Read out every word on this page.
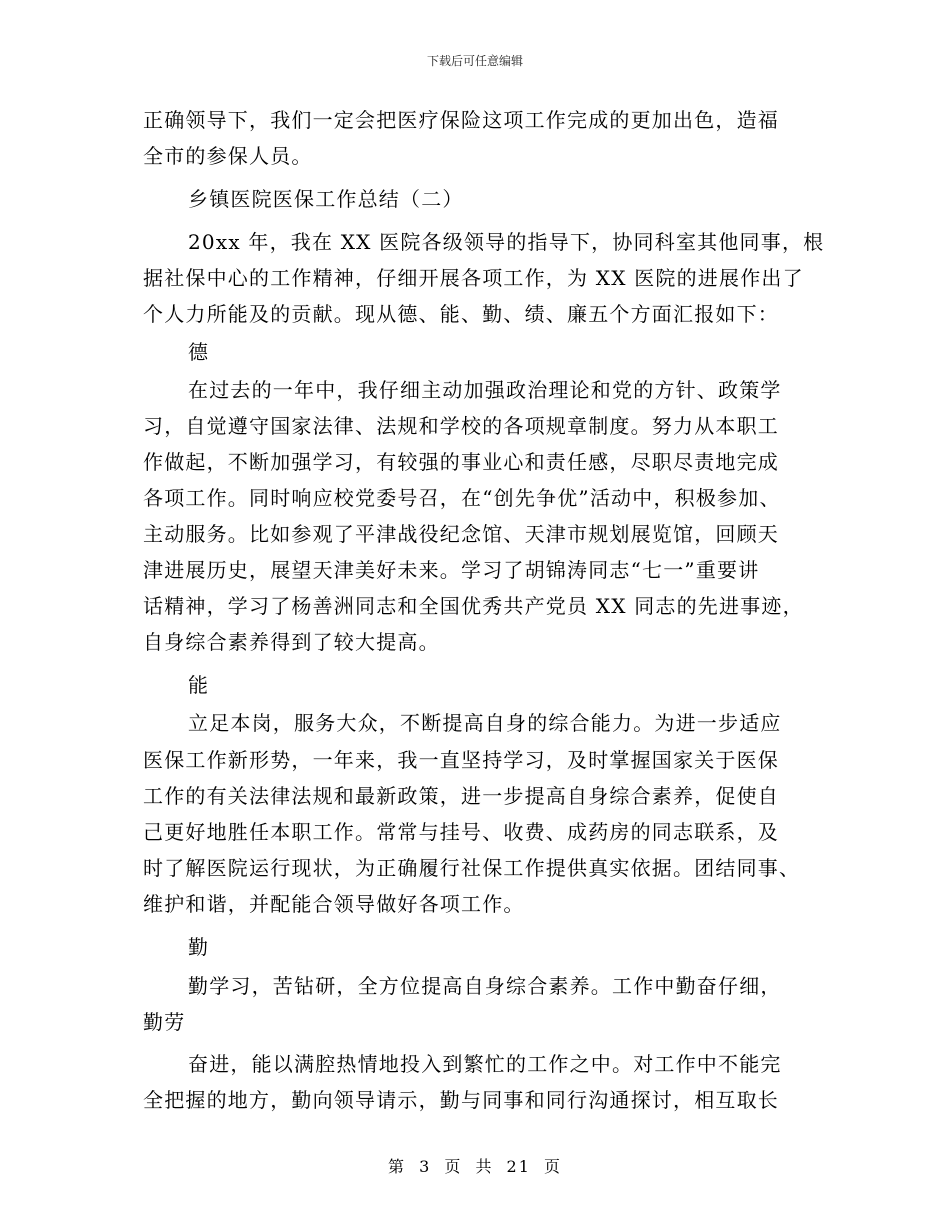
下载后可任意编辑
正确领导下，我们一定会把医疗保险这项工作完成的更加出色，造福
全市的参保人员。
乡镇医院医保工作总结（二）
20xx 年，我在 XX 医院各级领导的指导下，协同科室其他同事，根
据社保中心的工作精神，仔细开展各项工作，为 XX 医院的进展作出了
个人力所能及的贡献。现从德、能、勤、绩、廉五个方面汇报如下：
德
在过去的一年中，我仔细主动加强政治理论和党的方针、政策学
习，自觉遵守国家法律、法规和学校的各项规章制度。努力从本职工
作做起，不断加强学习，有较强的事业心和责任感，尽职尽责地完成
各项工作。同时响应校党委号召，在“创先争优”活动中，积极参加、
主动服务。比如参观了平津战役纪念馆、天津市规划展览馆，回顾天
津进展历史，展望天津美好未来。学习了胡锦涛同志“七一”重要讲
话精神，学习了杨善洲同志和全国优秀共产党员 XX 同志的先进事迹，
自身综合素养得到了较大提高。
能
立足本岗，服务大众，不断提高自身的综合能力。为进一步适应
医保工作新形势，一年来，我一直坚持学习，及时掌握国家关于医保
工作的有关法律法规和最新政策，进一步提高自身综合素养，促使自
己更好地胜任本职工作。常常与挂号、收费、成药房的同志联系，及
时了解医院运行现状，为正确履行社保工作提供真实依据。团结同事、
维护和谐，并配能合领导做好各项工作。
勤
勤学习，苦钻研，全方位提高自身综合素养。工作中勤奋仔细，
勤劳
奋进，能以满腔热情地投入到繁忙的工作之中。对工作中不能完
全把握的地方，勤向领导请示，勤与同事和同行沟通探讨，相互取长
第 3 页 共 21 页
